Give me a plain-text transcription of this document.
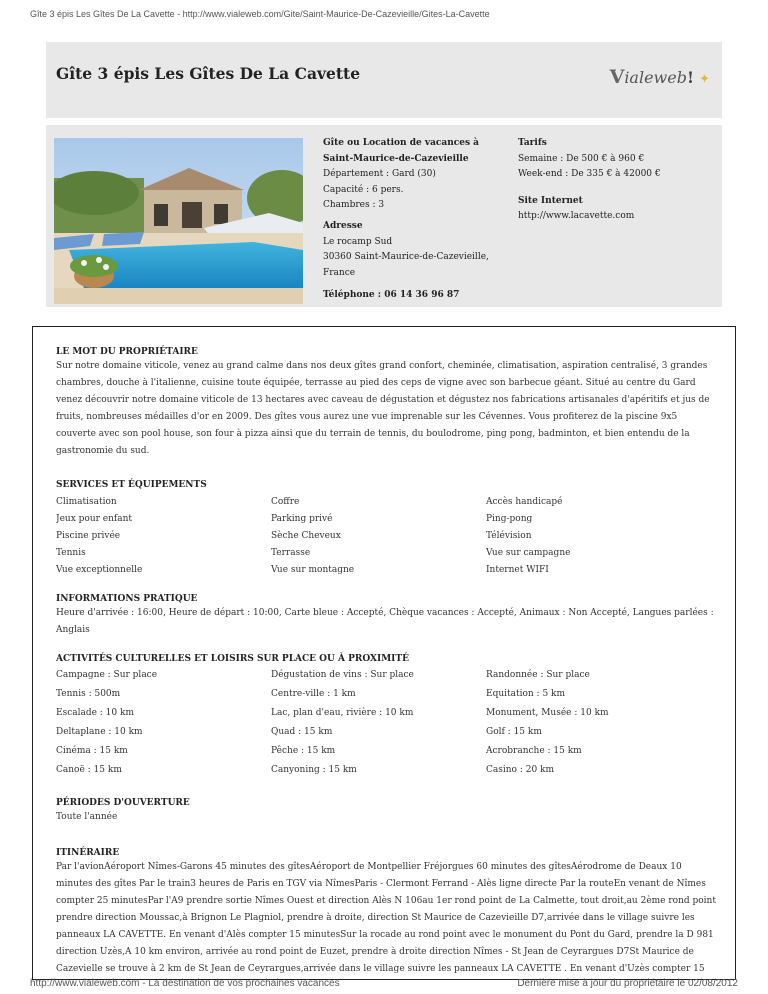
Gîte 3 épis Les Gîtes De La Cavette - http://www.vialeweb.com/Gite/Saint-Maurice-De-Cazevieille/Gites-La-Cavette
Gîte 3 épis Les Gîtes De La Cavette	Vialeweb! ✦
Gîte ou Location de vacances à Saint-Maurice-de-Cazevieille
Département : Gard (30)
Capacité : 6 pers.
Chambres : 3
Tarifs
Semaine : De 500 € à 960 €
Week-end : De 335 € à 42000 €
Site Internet
http://www.lacavette.com
Adresse
Le rocamp Sud
30360 Saint-Maurice-de-Cazevieille,
France
Téléphone : 06 14 36 96 87
LE MOT DU PROPRIÉTAIRE
Sur notre domaine viticole, venez au grand calme dans nos deux gîtes grand confort, cheminée, climatisation, aspiration centralisé, 3 grandes chambres, douche à l'italienne, cuisine toute équipée, terrasse au pied des ceps de vigne avec son barbecue géant. Situé au centre du Gard venez découvrir notre domaine viticole de 13 hectares avec caveau de dégustation et dégustez nos fabrications artisanales d'apéritifs et jus de fruits, nombreuses médailles d'or en 2009. Des gîtes vous aurez une vue imprenable sur les Cévennes. Vous profiterez de la piscine 9x5 couverte avec son pool house, son four à pizza ainsi que du terrain de tennis, du boulodrome, ping pong, badminton, et bien entendu de la gastronomie du sud.
SERVICES ET ÉQUIPEMENTS
Climatisation	Coffre	Accès handicapé
Jeux pour enfant	Parking privé	Ping-pong
Piscine privée	Sèche Cheveux	Télévision
Tennis	Terrasse	Vue sur campagne
Vue exceptionnelle	Vue sur montagne	Internet WIFI
INFORMATIONS PRATIQUE
Heure d'arrivée : 16:00, Heure de départ : 10:00, Carte bleue : Accepté, Chèque vacances : Accepté, Animaux : Non Accepté, Langues parlées : Anglais
ACTIVITÉS CULTURELLES ET LOISIRS SUR PLACE OU À PROXIMITÉ
Campagne : Sur place	Dégustation de vins : Sur place	Randonnée : Sur place
Tennis : 500m	Centre-ville : 1 km	Equitation : 5 km
Escalade : 10 km	Lac, plan d'eau, rivière : 10 km	Monument, Musée : 10 km
Deltaplane : 10 km	Quad : 15 km	Golf : 15 km
Cinéma : 15 km	Pêche : 15 km	Acrobranche : 15 km
Canoë : 15 km	Canyoning : 15 km	Casino : 20 km
PÉRIODES D'OUVERTURE
Toute l'année
ITINÉRAIRE
Par l'avionAéroport Nîmes-Garons 45 minutes des gîtesAéroport de Montpellier Fréjorgues 60 minutes des gîtesAérodrome de Deaux 10 minutes des gîtes Par le train3 heures de Paris en TGV via NîmesParis - Clermont Ferrand - Alès ligne directe Par la routeEn venant de Nîmes compter 25 minutesPar l'A9 prendre sortie Nîmes Ouest et direction Alès N 106au 1er rond point de La Calmette, tout droit,au 2ème rond point prendre direction Moussac,à Brignon Le Plagniol, prendre à droite, direction St Maurice de Cazevieille D7,arrivée dans le village suivre les panneaux LA CAVETTE. En venant d'Alès compter 15 minutesSur la rocade au rond point avec le monument du Pont du Gard, prendre la D 981 direction Uzès,A 10 km environ, arrivée au rond point de Euzet, prendre à droite direction Nîmes - St Jean de Ceyrargues D7St Maurice de Cazevielle se trouve à 2 km de St Jean de Ceyrargues,arrivée dans le village suivre les panneaux LA CAVETTE . En venant d'Uzès compter 15
http://www.vialeweb.com - La destination de vos prochaines vacances	Dernière mise à jour du propriétaire le 02/08/2012
